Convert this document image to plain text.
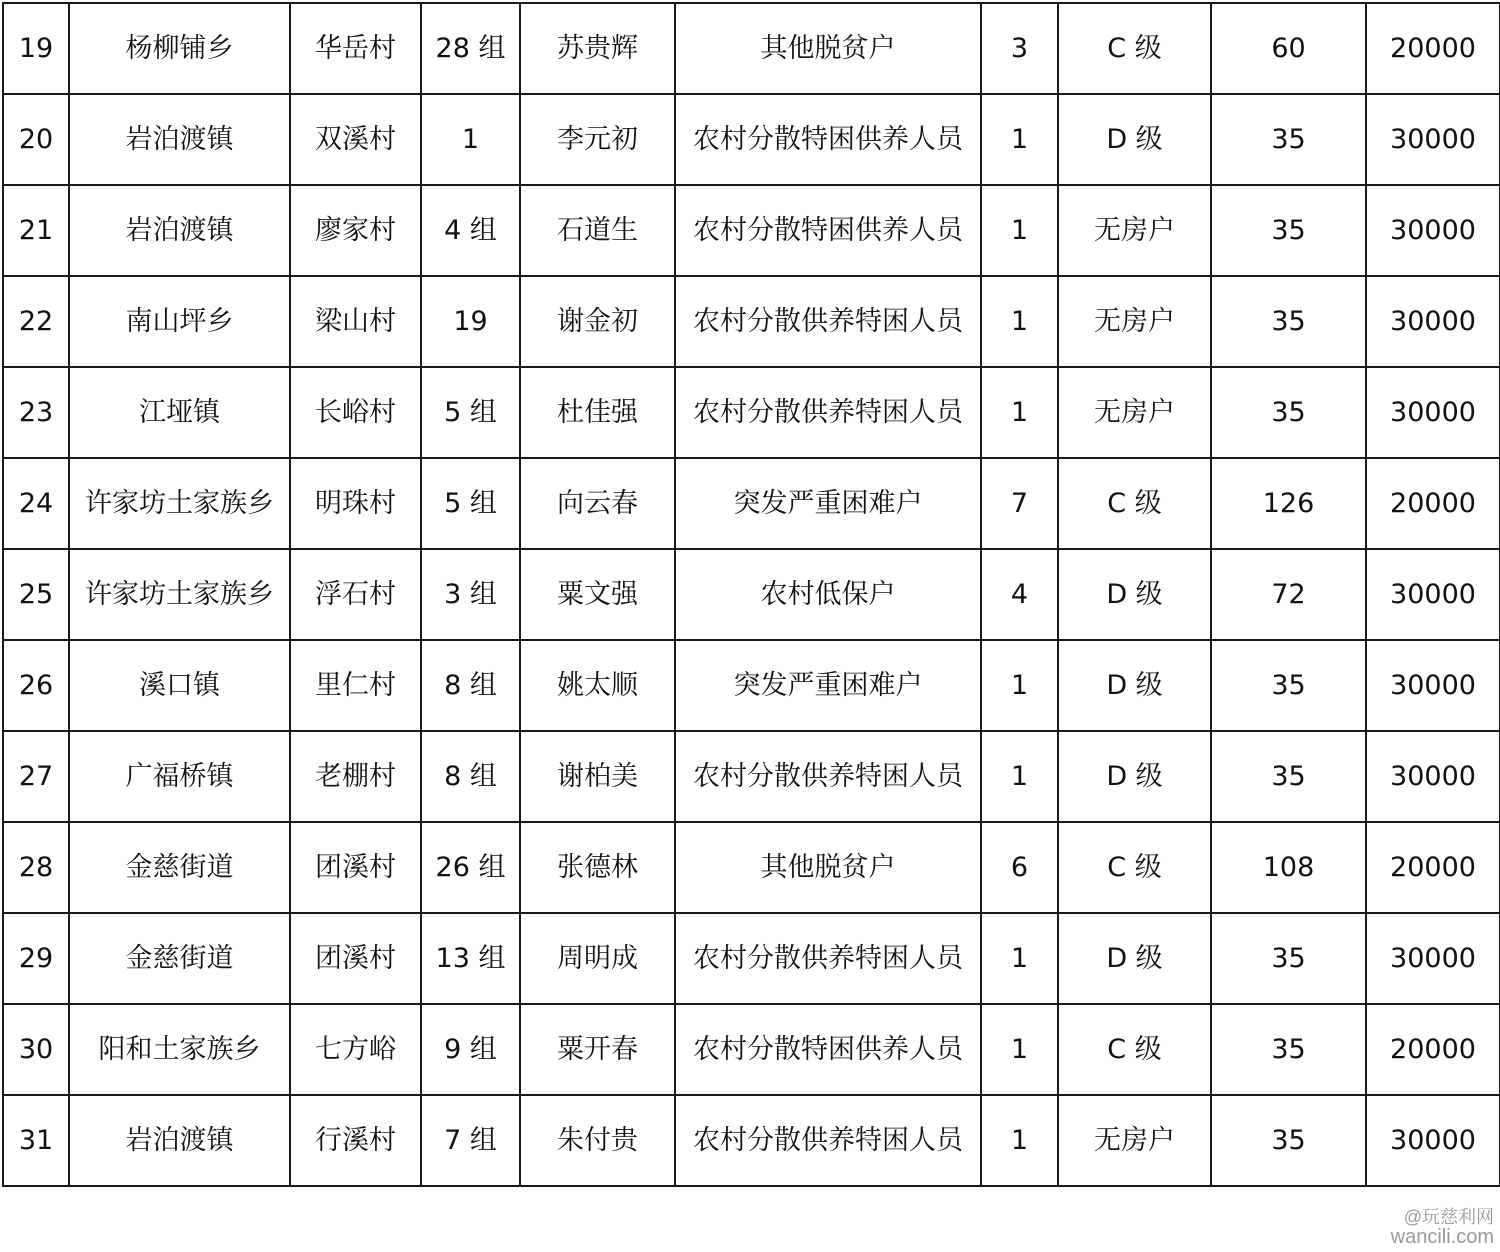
19	杨柳铺乡	华岳村	28 组	苏贵辉	其他脱贫户	3	C 级	60	20000
20	岩泊渡镇	双溪村	1	李元初	农村分散特困供养人员	1	D 级	35	30000
21	岩泊渡镇	廖家村	4 组	石道生	农村分散特困供养人员	1	无房户	35	30000
22	南山坪乡	梁山村	19	谢金初	农村分散供养特困人员	1	无房户	35	30000
23	江垭镇	长峪村	5 组	杜佳强	农村分散供养特困人员	1	无房户	35	30000
24	许家坊土家族乡	明珠村	5 组	向云春	突发严重困难户	7	C 级	126	20000
25	许家坊土家族乡	浮石村	3 组	粟文强	农村低保户	4	D 级	72	30000
26	溪口镇	里仁村	8 组	姚太顺	突发严重困难户	1	D 级	35	30000
27	广福桥镇	老棚村	8 组	谢柏美	农村分散供养特困人员	1	D 级	35	30000
28	金慈街道	团溪村	26 组	张德林	其他脱贫户	6	C 级	108	20000
29	金慈街道	团溪村	13 组	周明成	农村分散供养特困人员	1	D 级	35	30000
30	阳和土家族乡	七方峪	9 组	粟开春	农村分散特困供养人员	1	C 级	35	20000
31	岩泊渡镇	行溪村	7 组	朱付贵	农村分散供养特困人员	1	无房户	35	30000
@玩慈利网
wancili.com
